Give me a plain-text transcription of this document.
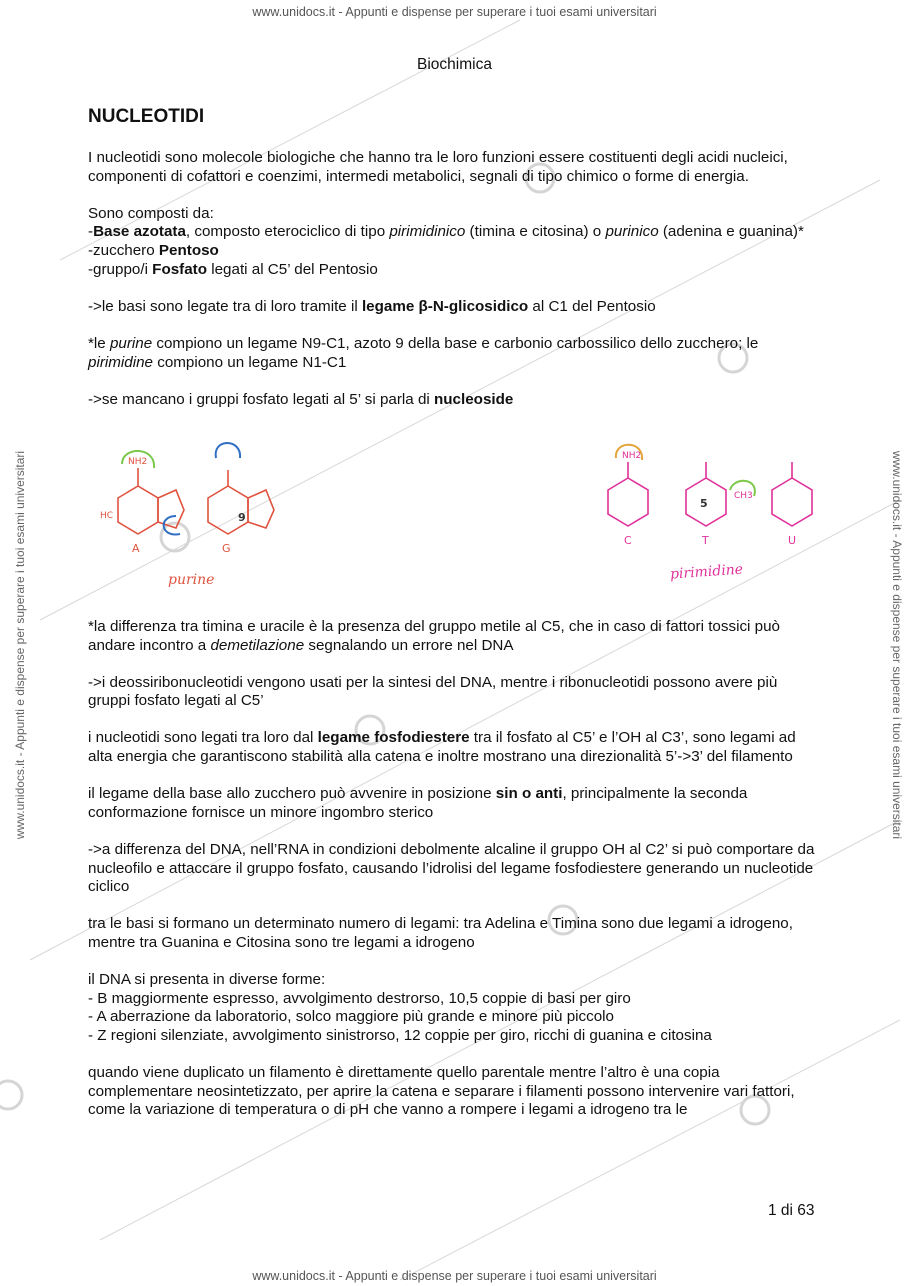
www.unidocs.it - Appunti e dispense per superare i tuoi esami universitari
www.unidocs.it - Appunti e dispense per superare i tuoi esami universitari	www.unidocs.it - Appunti e dispense per superare i tuoi esami universitari
Biochimica
NUCLEOTIDI

I nucleotidi sono molecole biologiche che hanno tra le loro funzioni essere costituenti degli acidi nucleici, componenti di cofattori e coenzimi, intermedi metabolici, segnali di tipo chimico o forme di energia.

Sono composti da:
-Base azotata, composto eterociclico di tipo pirimidinico (timina e citosina) o purinico (adenina e guanina)*
-zucchero Pentoso
-gruppo/i Fosfato legati al C5’ del Pentosio

->le basi sono legate tra di loro tramite il legame β-N-glicosidico al C1 del Pentosio

*le purine compiono un legame N9-C1, azoto 9 della base e carbonio carbossilico dello zucchero; le pirimidine compiono un legame N1-C1

->se mancano i gruppi fosfato legati al 5’ si parla di nucleoside

NH2
HC	9
A	G
purine
NH2
CH3
5
C	T	U
pirimidine

*la differenza tra timina e uracile è la presenza del gruppo metile al C5, che in caso di fattori tossici può andare incontro a demetilazione segnalando un errore nel DNA

->i deossiribonucleotidi vengono usati per la sintesi del DNA, mentre i ribonucleotidi possono avere più gruppi fosfato legati al C5’

i nucleotidi sono legati tra loro dal legame fosfodiestere tra il fosfato al C5’ e l’OH al C3’, sono legami ad alta energia che garantiscono stabilità alla catena e inoltre mostrano una direzionalità 5’->3’ del filamento

il legame della base allo zucchero può avvenire in posizione sin o anti, principalmente la seconda conformazione fornisce un minore ingombro sterico

->a differenza del DNA, nell’RNA in condizioni debolmente alcaline il gruppo OH al C2’ si può comportare da nucleofilo e attaccare il gruppo fosfato, causando l’idrolisi del legame fosfodiestere generando un nucleotide ciclico

tra le basi si formano un determinato numero di legami: tra Adelina e Timina sono due legami a idrogeno, mentre tra Guanina e Citosina sono tre legami a idrogeno

il DNA si presenta in diverse forme:
- B maggiormente espresso, avvolgimento destrorso, 10,5 coppie di basi per giro
- A aberrazione da laboratorio, solco maggiore più grande e minore più piccolo
- Z regioni silenziate, avvolgimento sinistrorso, 12 coppie per giro, ricchi di guanina e citosina

quando viene duplicato un filamento è direttamente quello parentale mentre l’altro è una copia complementare neosintetizzato, per aprire la catena e separare i filamenti possono intervenire vari fattori, come la variazione di temperatura o di pH che vanno a rompere i legami a idrogeno tra le

1 di 63
www.unidocs.it - Appunti e dispense per superare i tuoi esami universitari
